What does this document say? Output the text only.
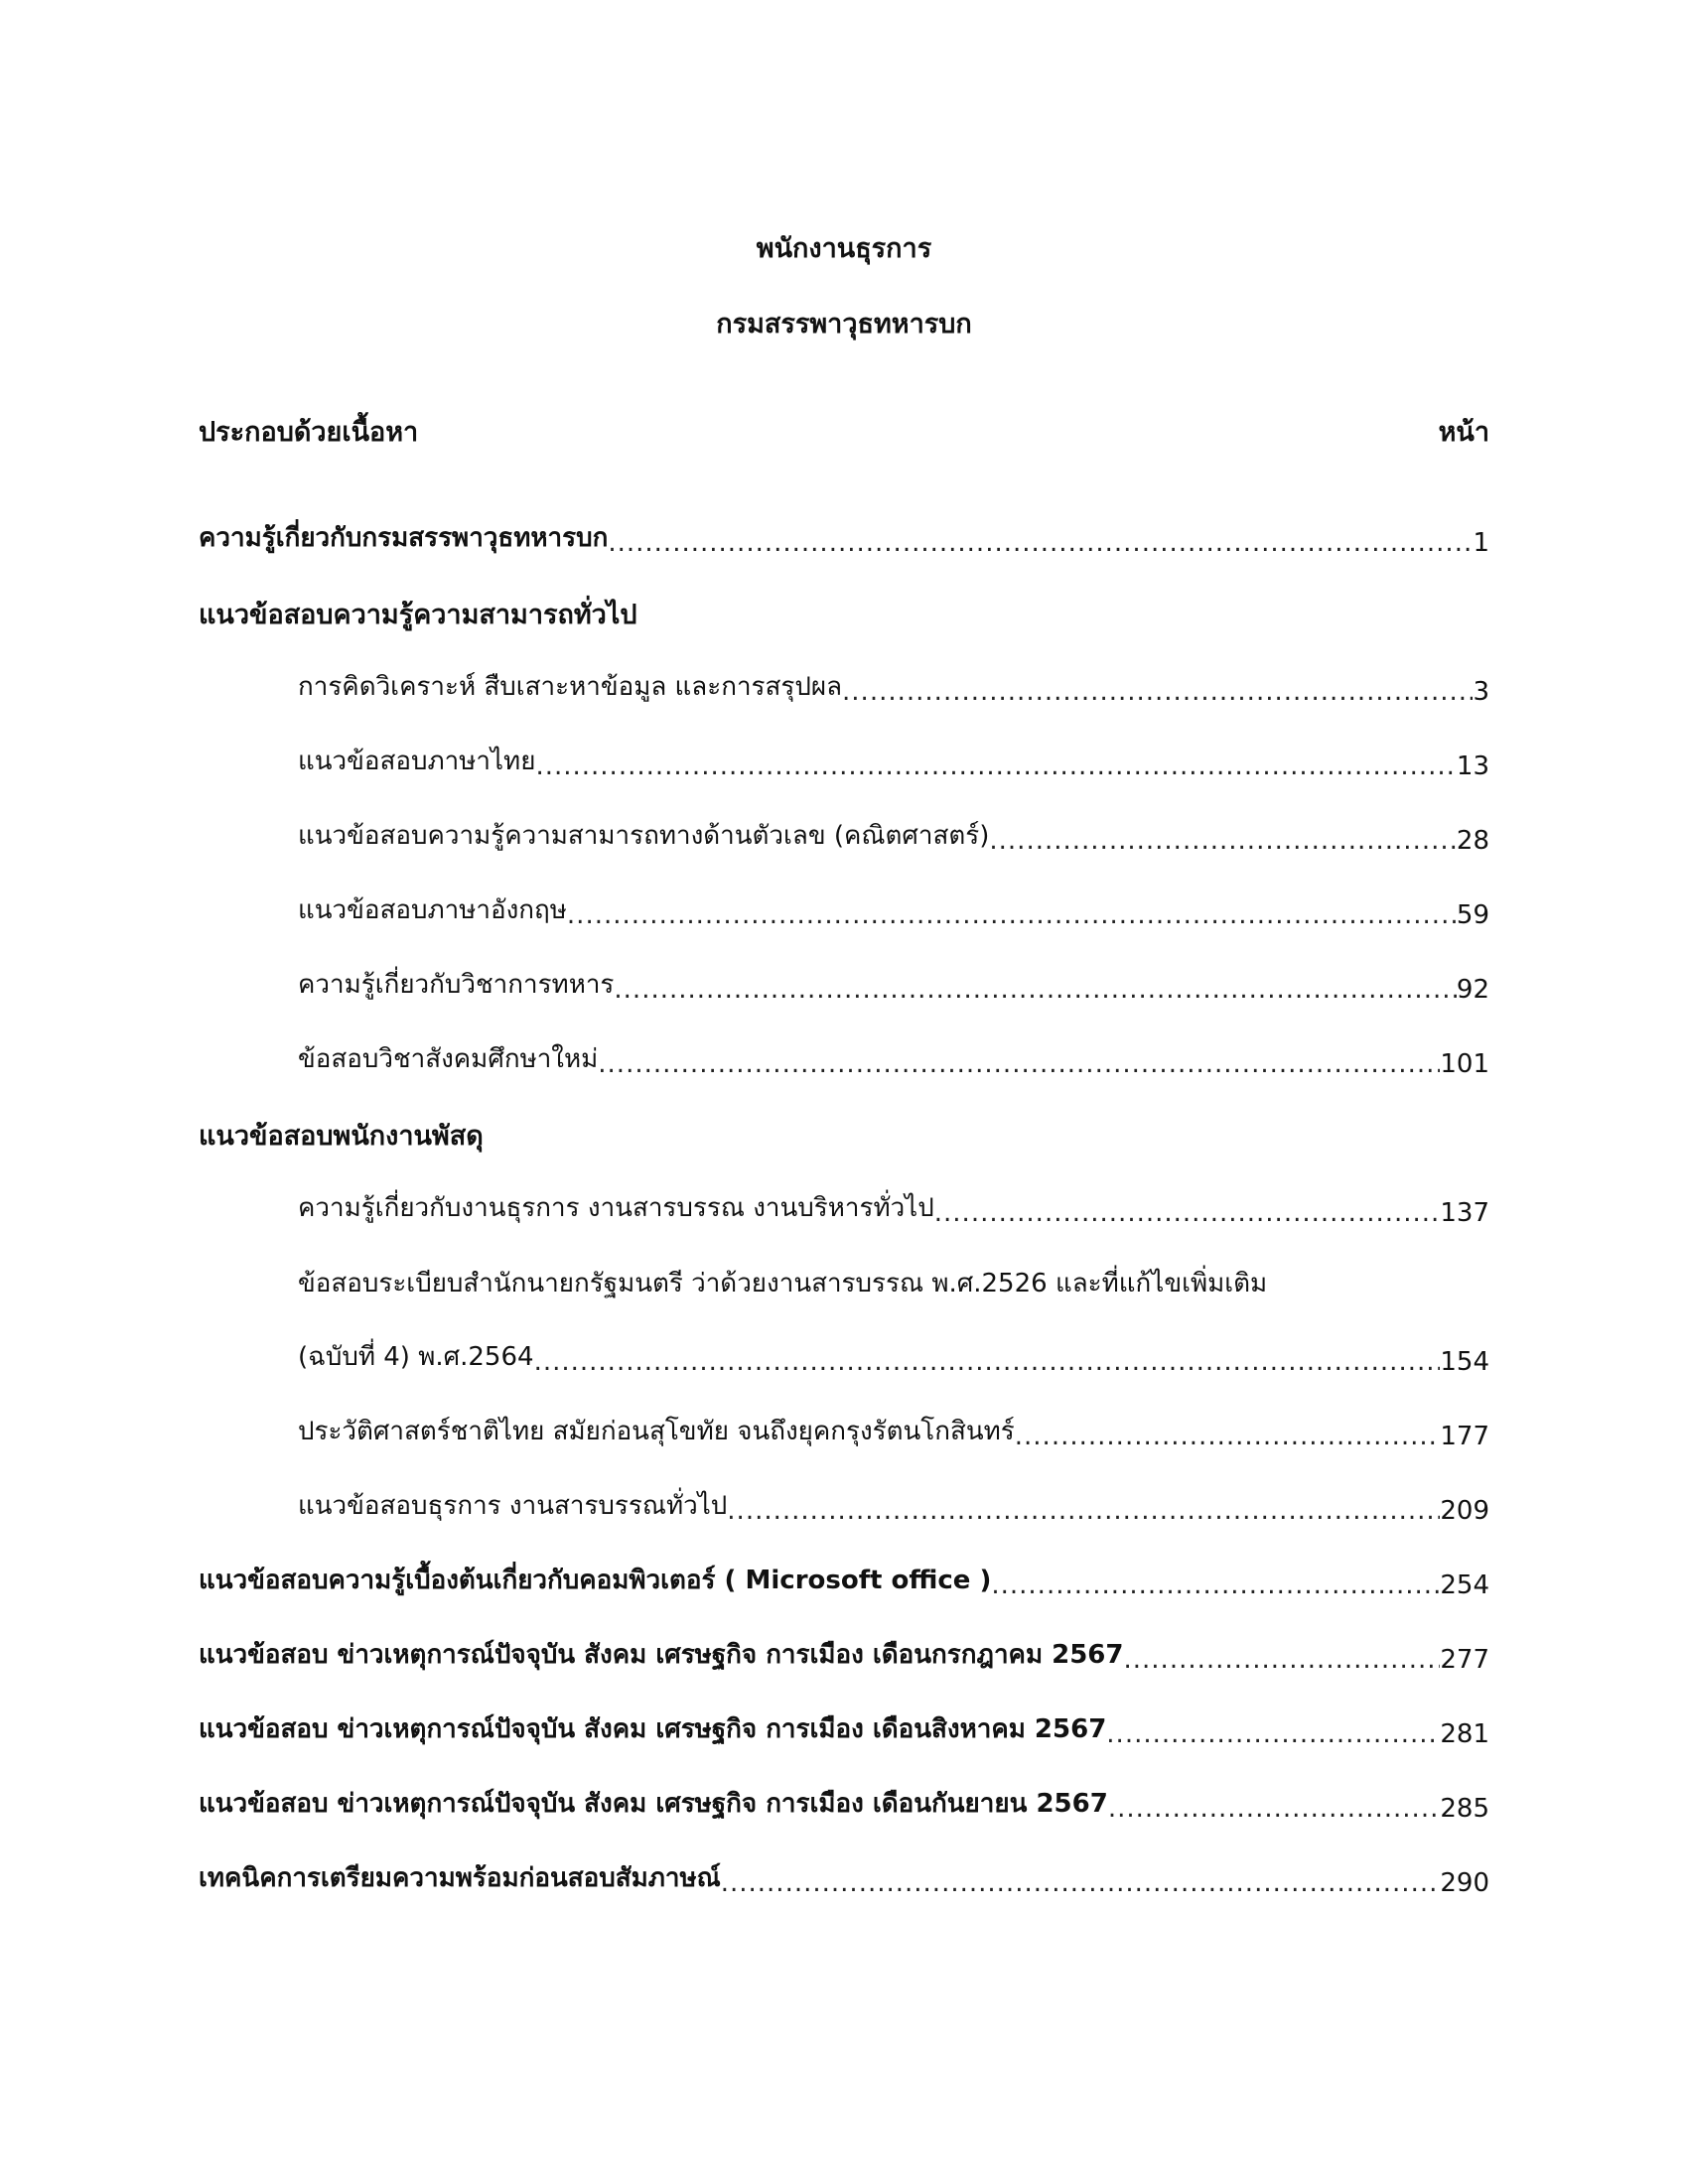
พนักงานธุรการ
กรมสรรพาวุธทหารบก
ประกอบด้วยเนื้อหา	หน้า
ความรู้เกี่ยวกับกรมสรรพาวุธทหารบก .....	1
แนวข้อสอบความรู้ความสามารถทั่วไป
การคิดวิเคราะห์ สืบเสาะหาข้อมูล และการสรุปผล .....	3
แนวข้อสอบภาษาไทย .....	13
แนวข้อสอบความรู้ความสามารถทางด้านตัวเลข (คณิตศาสตร์) .....	28
แนวข้อสอบภาษาอังกฤษ .....	59
ความรู้เกี่ยวกับวิชาการทหาร .....	92
ข้อสอบวิชาสังคมศึกษาใหม่ .....	101
แนวข้อสอบพนักงานพัสดุ
ความรู้เกี่ยวกับงานธุรการ งานสารบรรณ งานบริหารทั่วไป .....	137
ข้อสอบระเบียบสำนักนายกรัฐมนตรี ว่าด้วยงานสารบรรณ พ.ศ.2526 และที่แก้ไขเพิ่มเติม
(ฉบับที่ 4) พ.ศ.2564 .....	154
ประวัติศาสตร์ชาติไทย สมัยก่อนสุโขทัย จนถึงยุคกรุงรัตนโกสินทร์ .....	177
แนวข้อสอบธุรการ งานสารบรรณทั่วไป .....	209
แนวข้อสอบความรู้เบื้องต้นเกี่ยวกับคอมพิวเตอร์ ( Microsoft office ) .....	254
แนวข้อสอบ ข่าวเหตุการณ์ปัจจุบัน สังคม เศรษฐกิจ การเมือง เดือนกรกฎาคม 2567 .....	277
แนวข้อสอบ ข่าวเหตุการณ์ปัจจุบัน สังคม เศรษฐกิจ การเมือง เดือนสิงหาคม 2567 .....	281
แนวข้อสอบ ข่าวเหตุการณ์ปัจจุบัน สังคม เศรษฐกิจ การเมือง เดือนกันยายน 2567 .....	285
เทคนิคการเตรียมความพร้อมก่อนสอบสัมภาษณ์ .....	290
